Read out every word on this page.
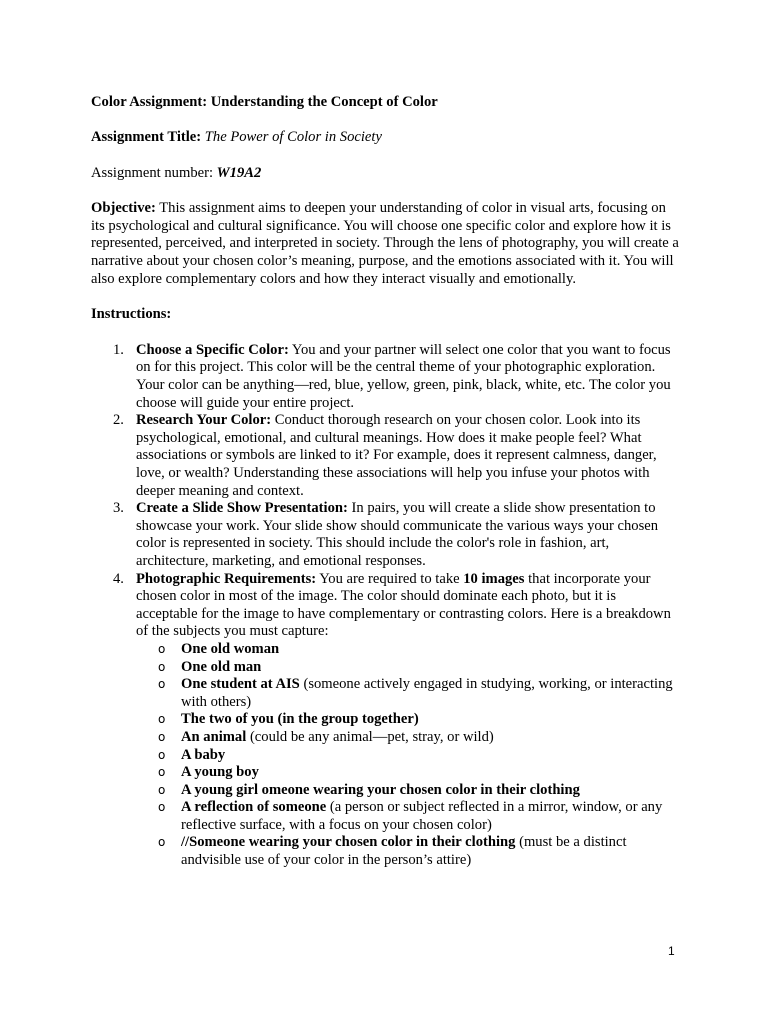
Color Assignment: Understanding the Concept of Color

Assignment Title: The Power of Color in Society

Assignment number: W19A2

Objective: This assignment aims to deepen your understanding of color in visual arts, focusing on its psychological and cultural significance. You will choose one specific color and explore how it is represented, perceived, and interpreted in society. Through the lens of photography, you will create a narrative about your chosen color’s meaning, purpose, and the emotions associated with it. You will also explore complementary colors and how they interact visually and emotionally.

Instructions:

1. Choose a Specific Color: You and your partner will select one color that you want to focus on for this project. This color will be the central theme of your photographic exploration. Your color can be anything—red, blue, yellow, green, pink, black, white, etc. The color you choose will guide your entire project.
2. Research Your Color: Conduct thorough research on your chosen color. Look into its psychological, emotional, and cultural meanings. How does it make people feel? What associations or symbols are linked to it? For example, does it represent calmness, danger, love, or wealth? Understanding these associations will help you infuse your photos with deeper meaning and context.
3. Create a Slide Show Presentation: In pairs, you will create a slide show presentation to showcase your work. Your slide show should communicate the various ways your chosen color is represented in society. This should include the color's role in fashion, art, architecture, marketing, and emotional responses.
4. Photographic Requirements: You are required to take 10 images that incorporate your chosen color in most of the image. The color should dominate each photo, but it is acceptable for the image to have complementary or contrasting colors. Here is a breakdown of the subjects you must capture:
o One old woman
o One old man
o One student at AIS (someone actively engaged in studying, working, or interacting with others)
o The two of you (in the group together)
o An animal (could be any animal—pet, stray, or wild)
o A baby
o A young boy
o A young girl omeone wearing your chosen color in their clothing
o A reflection of someone (a person or subject reflected in a mirror, window, or any reflective surface, with a focus on your chosen color)
o //Someone wearing your chosen color in their clothing (must be a distinct andvisible use of your color in the person’s attire)
1
